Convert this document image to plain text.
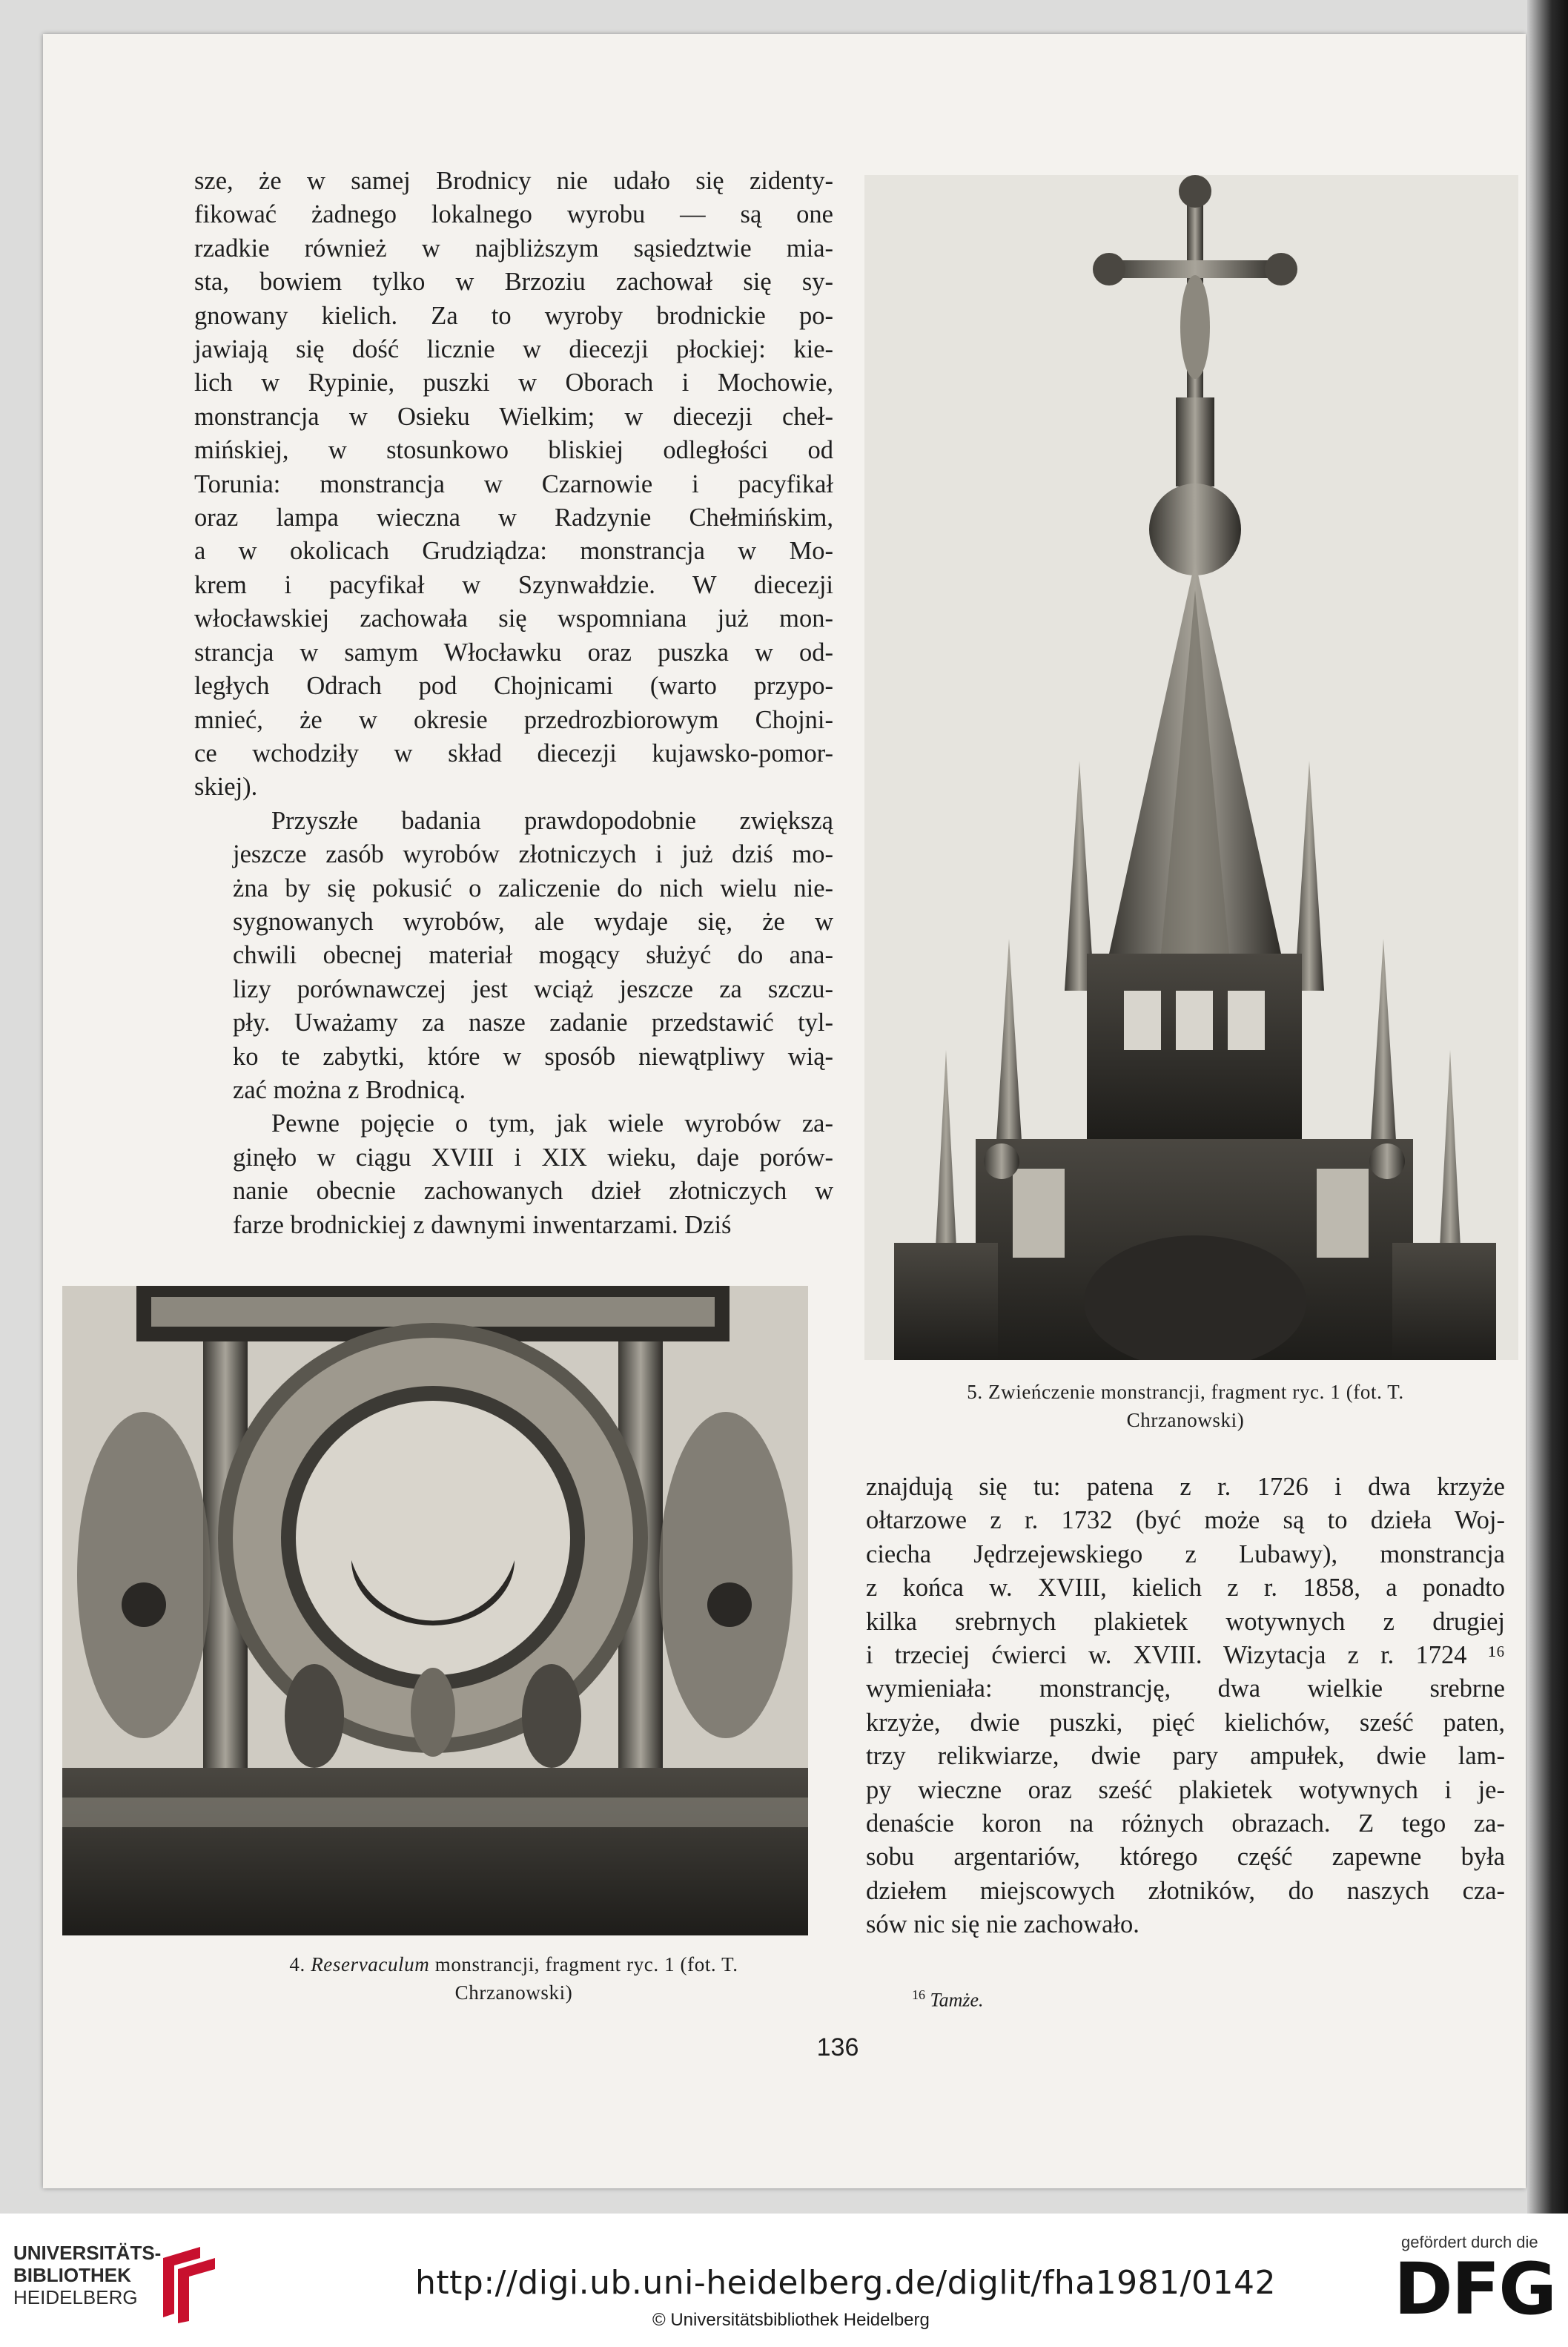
sze, że w samej Brodnicy nie udało się zidenty-
fikować żadnego lokalnego wyrobu — są one
rzadkie również w najbliższym sąsiedztwie mia-
sta, bowiem tylko w Brzoziu zachował się sy-
gnowany kielich. Za to wyroby brodnickie po-
jawiają się dość licznie w diecezji płockiej: kie-
lich w Rypinie, puszki w Oborach i Mochowie,
monstrancja w Osieku Wielkim; w diecezji cheł-
mińskiej, w stosunkowo bliskiej odległości od
Torunia: monstrancja w Czarnowie i pacyfikał
oraz lampa wieczna w Radzynie Chełmińskim,
a w okolicach Grudziądza: monstrancja w Mo-
krem i pacyfikał w Szynwałdzie. W diecezji
włocławskiej zachowała się wspomniana już mon-
strancja w samym Włocławku oraz puszka w od-
ległych Odrach pod Chojnicami (warto przypo-
mnieć, że w okresie przedrozbiorowym Chojni-
ce wchodziły w skład diecezji kujawsko-pomor-
skiej).

Przyszłe badania prawdopodobnie zwiększą
jeszcze zasób wyrobów złotniczych i już dziś mo-
żna by się pokusić o zaliczenie do nich wielu nie-
sygnowanych wyrobów, ale wydaje się, że w
chwili obecnej materiał mogący służyć do ana-
lizy porównawczej jest wciąż jeszcze za szczu-
pły. Uważamy za nasze zadanie przedstawić tyl-
ko te zabytki, które w sposób niewątpliwy wią-
zać można z Brodnicą.

Pewne pojęcie o tym, jak wiele wyrobów za-
ginęło w ciągu XVIII i XIX wieku, daje porów-
nanie obecnie zachowanych dzieł złotniczych w
farze brodnickiej z dawnymi inwentarzami. Dziś

5. Zwieńczenie monstrancji, fragment ryc. 1 (fot. T.
Chrzanowski)
znajdują się tu: patena z r. 1726 i dwa krzyże
ołtarzowe z r. 1732 (być może są to dzieła Woj-
ciecha Jędrzejewskiego z Lubawy), monstrancja
z końca w. XVIII, kielich z r. 1858, a ponadto
kilka srebrnych plakietek wotywnych z drugiej
i trzeciej ćwierci w. XVIII. Wizytacja z r. 1724 ¹⁶
wymieniała: monstrancję, dwa wielkie srebrne
krzyże, dwie puszki, pięć kielichów, sześć paten,
trzy relikwiarze, dwie pary ampułek, dwie lam-
py wieczne oraz sześć plakietek wotywnych i je-
denaście koron na różnych obrazach. Z tego za-
sobu argentariów, którego część zapewne była
dziełem miejscowych złotników, do naszych cza-
sów nic się nie zachowało.
4. Reservaculum monstrancji, fragment ryc. 1 (fot. T.
Chrzanowski)	$^{16}$ Tamże.
136
UNIVERSITÄTS-
BIBLIOTHEK
HEIDELBERG	http://digi.ub.uni-heidelberg.de/diglit/fha1981/0142
© Universitätsbibliothek Heidelberg
gefördert durch die
DFG
